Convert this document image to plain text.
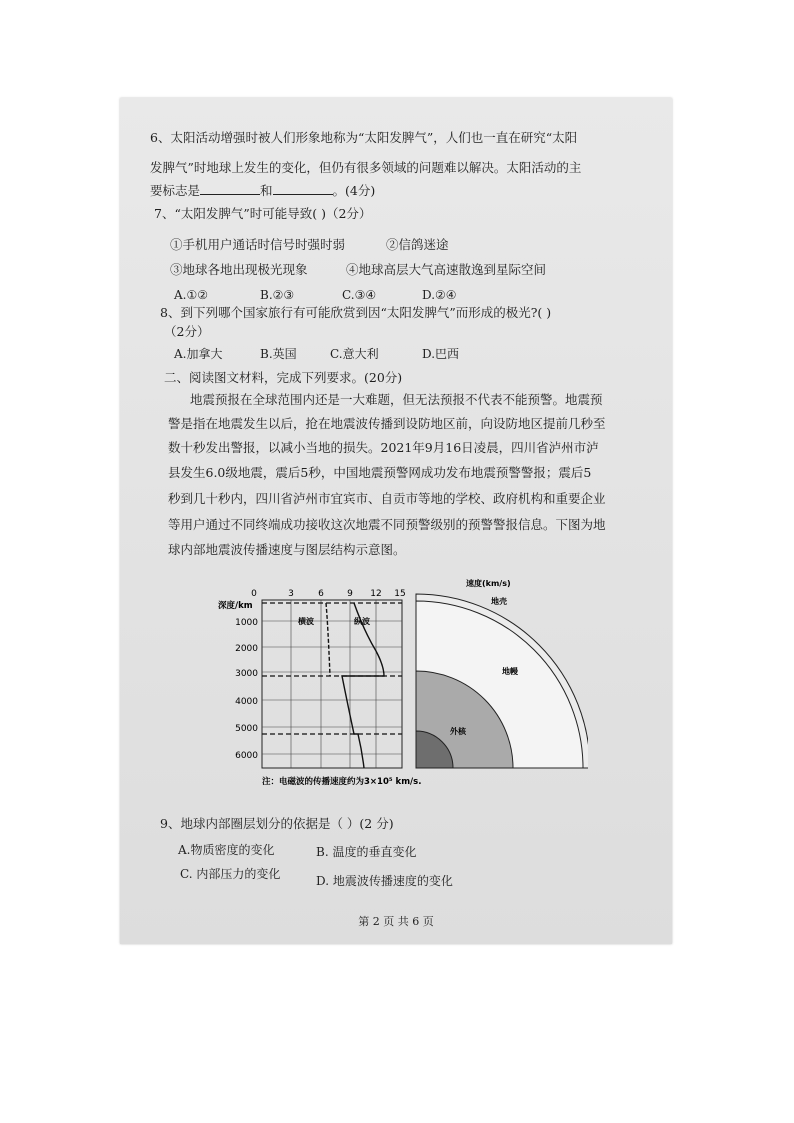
6、太阳活动增强时被人们形象地称为“太阳发脾气”，人们也一直在研究“太阳
发脾气”时地球上发生的变化，但仍有很多领域的问题难以解决。太阳活动的主
要标志是	和	。(4分)
7、“太阳发脾气”时可能导致( )（2分）
①手机用户通话时信号时强时弱	②信鸽迷途
③地球各地出现极光现象	④地球高层大气高速散逸到星际空间
A.①②	B.②③	C.③④	D.②④
8、到下列哪个国家旅行有可能欣赏到因“太阳发脾气”而形成的极光?( )
（2分）
A.加拿大	B.英国	C.意大利	D.巴西
二、阅读图文材料，完成下列要求。(20分)
地震预报在全球范围内还是一大难题，但无法预报不代表不能预警。地震预
警是指在地震发生以后，抢在地震波传播到设防地区前，向设防地区提前几秒至
数十秒发出警报，以减小当地的损失。2021年9月16日凌晨，四川省泸州市泸
县发生6.0级地震，震后5秒，中国地震预警网成功发布地震预警警报；震后5
秒到几十秒内，四川省泸州市宜宾市、自贡市等地的学校、政府机构和重要企业
等用户通过不同终端成功接收这次地震不同预警级别的预警警报信息。下图为地
球内部地震波传播速度与图层结构示意图。
速度(km/s)
0	3	6	9 12 15
深度/km
1000
2000
3000
4000
5000
6000
横波	纵波
地壳
地幔
外核
注：电磁波的传播速度约为3×10⁵ km/s.
9、地球内部圈层划分的依据是（ ）(2 分)
A.物质密度的变化	B. 温度的垂直变化
C. 内部压力的变化	D. 地震波传播速度的变化
第 2 页 共 6 页
